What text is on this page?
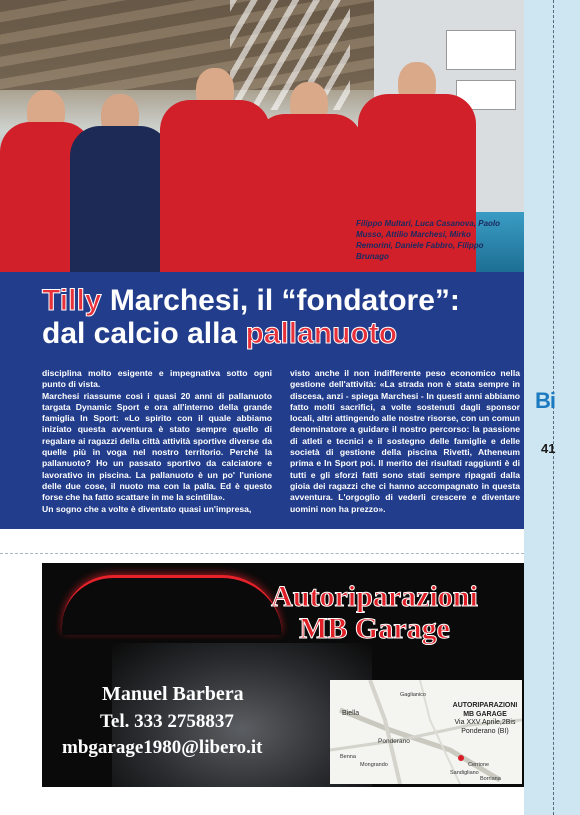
Filippo Multari, Luca Casanova, Paolo Musso, Attilio Marchesi, Mirko Remorini, Daniele Fabbro, Filippo Brunago
Tilly Marchesi, il “fondatore”:
dal calcio alla pallanuoto
disciplina molto esigente e impegnativa sotto ogni punto di vista.
Marchesi riassume così i quasi 20 anni di pallanuoto targata Dynamic Sport e ora all'interno della grande famiglia In Sport: «Lo spirito con il quale abbiamo iniziato questa avventura è stato sempre quello di regalare ai ragazzi della città attività sportive diverse da quelle più in voga nel nostro territorio. Perché la pallanuoto? Ho un passato sportivo da calciatore e lavorativo in piscina. La pallanuoto è un po' l'unione delle due cose, il nuoto ma con la palla. Ed è questo forse che ha fatto scattare in me la scintilla».
Un sogno che a volte è diventato quasi un'impresa,
visto anche il non indifferente peso economico nella gestione dell'attività: «La strada non è stata sempre in discesa, anzi - spiega Marchesi - In questi anni abbiamo fatto molti sacrifici, a volte sostenuti dagli sponsor locali, altri attingendo alle nostre risorse, con un comun denominatore a guidare il nostro percorso: la passione di atleti e tecnici e il sostegno delle famiglie e delle società di gestione della piscina Rivetti, Atheneum prima e In Sport poi. Il merito dei risultati raggiunti è di tutti e gli sforzi fatti sono stati sempre ripagati dalla gioia dei ragazzi che ci hanno accompagnato in questa avventura. L'orgoglio di vederli crescere e diventare uomini non ha prezzo».
Bi
41
Autoriparazioni
MB Garage
Manuel Barbera
Tel. 333 2758837
mbgarage1980@libero.it
Gaglianico
Biella
Ponderano
Benna
Mongrando	Cerrione
Sandigliano
Borriana
AUTORIPARAZIONI
MB GARAGE
Via XXV Aprile,2Bis
Ponderano (BI)
